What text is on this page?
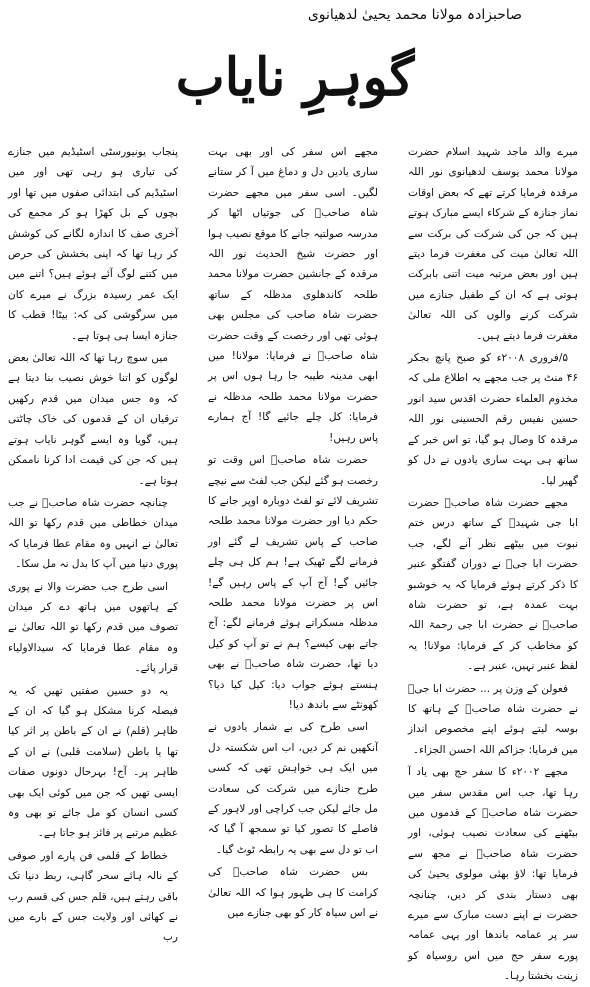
صاحبزادہ مولانا محمد یحییٰ لدھیانوی
گوہرِ نایاب

میرے والد ماجد شہید اسلام حضرت مولانا محمد یوسف لدھیانوی نور اللہ مرقدہ فرمایا کرتے تھے کہ بعض اوقات نماز جنازہ کے شرکاء ایسے مبارک ہوتے ہیں کہ جن کی شرکت کی برکت سے اللہ تعالیٰ میت کی مغفرت فرما دیتے ہیں اور بعض مرتبہ میت اتنی بابرکت ہوتی ہے کہ ان کے طفیل جنازے میں شرکت کرنے والوں کی اللہ تعالیٰ مغفرت فرما دیتے ہیں۔

۵/فروری ۲۰۰۸ء کو صبح پانچ بجکر ۴۶ منٹ پر جب مجھے یہ اطلاع ملی کہ مخدوم العلماء حضرت اقدس سید انور حسین نفیس رقم الحسینی نور اللہ مرقدہ کا وصال ہو گیا، تو اس خبر کے ساتھ ہی بہت ساری یادوں نے دل کو گھیر لیا۔

مجھے حضرت شاہ صاحبؒ حضرت ابا جی شہیدؒ کے ساتھ درس ختم نبوت میں بیٹھے نظر آنے لگے، جب حضرت ابا جیؒ نے دوران گفتگو عنبر کا ذکر کرتے ہوئے فرمایا کہ یہ خوشبو بہت عمدہ ہے، تو حضرت شاہ صاحبؒ نے حضرت ابا جی رحمۃ اللہ کو مخاطب کر کے فرمایا: مولانا! یہ لفظ عنبر نہیں، عنبر ہے۔

فعولن کے وزن پر ... حضرت ابا جیؒ نے حضرت شاہ صاحبؒ کے ہاتھ کا بوسہ لیتے ہوئے اپنے مخصوص انداز میں فرمایا: جزاکم اللہ احسن الجزاء۔

مجھے ۲۰۰۲ء کا سفر حج بھی یاد آ رہا تھا، جب اس مقدس سفر میں حضرت شاہ صاحبؒ کے قدموں میں بیٹھنے کی سعادت نصیب ہوئی، اور حضرت شاہ صاحبؒ نے مجھ سے فرمایا تھا: لاؤ بھئی مولوی یحییٰ کی بھی دستار بندی کر دیں، چنانچہ حضرت نے اپنے دست مبارک سے میرے سر پر عمامہ باندھا اور یہی عمامہ پورے سفر حج میں اس روسیاہ کو زینت بخشتا رہا۔

مجھے اس سفر کی اور بھی بہت ساری یادیں دل و دماغ میں آ کر ستانے لگیں۔ اسی سفر میں مجھے حضرت شاہ صاحبؒ کی جوتیاں اٹھا کر مدرسہ صولتیہ جانے کا موقع نصیب ہوا اور حضرت شیخ الحدیث نور اللہ مرقدہ کے جانشین حضرت مولانا محمد طلحہ کاندھلوی مدظلہ کے ساتھ حضرت شاہ صاحب کی مجلس بھی ہوئی تھی اور رخصت کے وقت حضرت شاہ صاحبؒ نے فرمایا: مولانا! میں ابھی مدینہ طیبہ جا رہا ہوں اس پر حضرت مولانا محمد طلحہ مدظلہ نے فرمایا: کل چلے جائیے گا! آج ہمارے پاس رہیں!

حضرت شاہ صاحبؒ اس وقت تو رخصت ہو گئے لیکن جب لفٹ سے نیچے تشریف لائے تو لفٹ دوبارہ اوپر جانے کا حکم دیا اور حضرت مولانا محمد طلحہ صاحب کے پاس تشریف لے گئے اور فرمانے لگے ٹھیک ہے! ہم کل ہی چلے جائیں گے! آج آپ کے پاس رہیں گے! اس پر حضرت مولانا محمد طلحہ مدظلہ مسکراتے ہوئے فرمانے لگے: آج جاتے بھی کیسے؟ ہم نے تو آپ کو کیل دیا تھا، حضرت شاہ صاحبؒ نے بھی ہنستے ہوئے جواب دیا: کیل کیا دیا؟ کھونٹے سے باندھ دیا!

اسی طرح کی بے شمار یادوں نے آنکھیں نم کر دیں، اب اس شکستہ دل میں ایک ہی خواہش تھی کہ کسی طرح جنازے میں شرکت کی سعادت مل جائے لیکن جب کراچی اور لاہور کے فاصلے کا تصور کیا تو سمجھ آ گیا کہ اب تو دل سے بھی یہ رابطہ ٹوٹ گیا۔

بس حضرت شاہ صاحبؒ کی کرامت کا ہی ظہور ہوا کہ اللہ تعالیٰ نے اس سیاہ کار کو بھی جنازے میں

پنجاب یونیورسٹی اسٹیڈیم میں جنازے کی تیاری ہو رہی تھی اور میں اسٹیڈیم کی ابتدائی صفوں میں تھا اور بچوں کے بل کھڑا ہو کر مجمع کی آخری صف کا اندازہ لگانے کی کوشش کر رہا تھا کہ اپنی بخشش کی حرص میں کتنے لوگ آئے ہوئے ہیں؟ اتنے میں ایک عمر رسیدہ بزرگ نے میرے کان میں سرگوشی کی کہ: بیٹا! قطب کا جنازہ ایسا ہی ہوتا ہے۔

میں سوچ رہا تھا کہ اللہ تعالیٰ بعض لوگوں کو اتنا خوش نصیب بنا دیتا ہے کہ وہ جس میدان میں قدم رکھیں ترقیاں ان کے قدموں کی خاک چاٹتی ہیں، گویا وہ ایسے گوہر نایاب ہوتے ہیں کہ جن کی قیمت ادا کرنا ناممکن ہوتا ہے۔

چنانچہ حضرت شاہ صاحبؒ نے جب میدان خطاطی میں قدم رکھا تو اللہ تعالیٰ نے انہیں وہ مقام عطا فرمایا کہ پوری دنیا میں آپ کا بدل نہ مل سکا۔

اسی طرح جب حضرت والا نے پوری کے ہاتھوں میں ہاتھ دے کر میدان تصوف میں قدم رکھا تو اللہ تعالیٰ نے وہ مقام عطا فرمایا کہ سیدالاولیاء قرار پائے۔

یہ دو حسین صفتیں تھیں کہ یہ فیصلہ کرنا مشکل ہو گیا کہ ان کے ظاہر (قلم) نے ان کے باطن پر اثر کیا تھا یا باطن (سلامت قلبی) نے ان کے ظاہر پر۔ آج! بہرحال دونوں صفات ایسی تھیں کہ جن میں کوئی ایک بھی کسی انسان کو مل جائے تو بھی وہ عظیم مرتبے پر فائز ہو جاتا ہے۔

خطاط کے قلمی فن پارے اور صوفی کے نالہ ہائے سحر گاہی، ربط دنیا تک باقی رہتے ہیں، قلم جس کی قسم رب نے کھائی اور ولایت جس کے بارے میں رب
